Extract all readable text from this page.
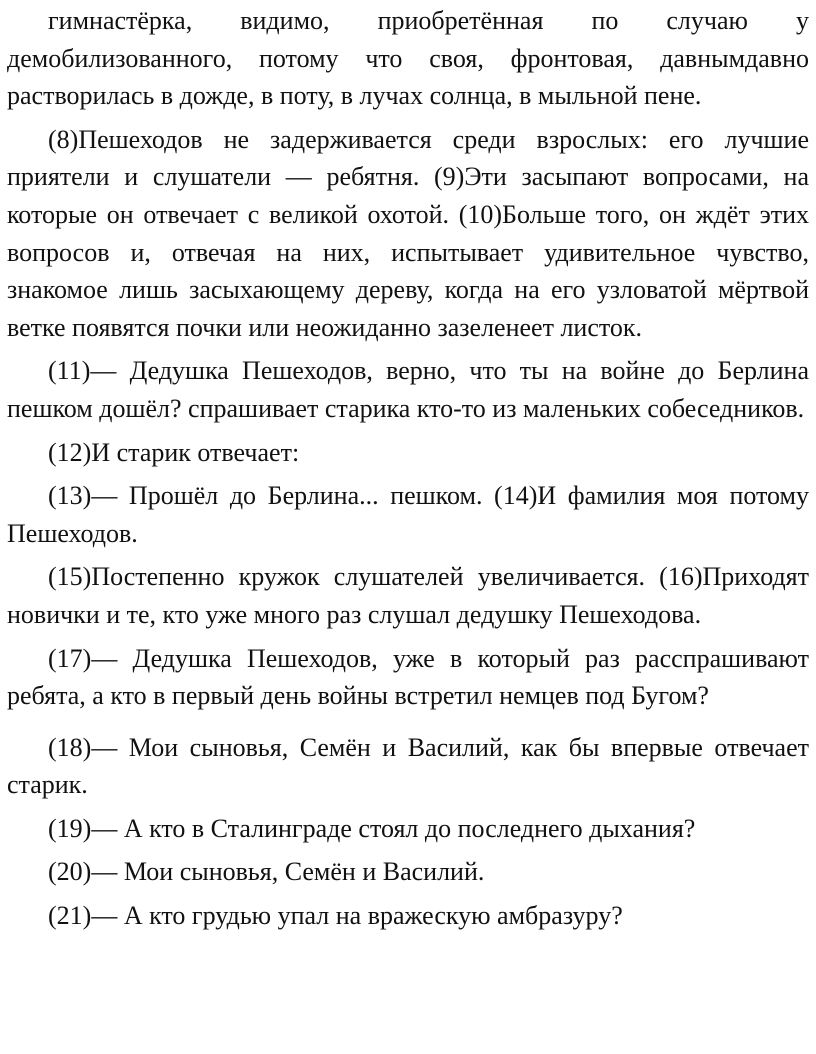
гимнастёрка, видимо, приобретённая по случаю у демобилизованного, потому что своя, фронтовая, давнымдавно растворилась в дожде, в поту, в лучах солнца, в мыльной пене.

(8)Пешеходов не задерживается среди взрослых: его лучшие приятели и слушатели — ребятня. (9)Эти засыпают вопросами, на которые он отвечает с великой охотой. (10)Больше того, он ждёт этих вопросов и, отвечая на них, испытывает удивительное чувство, знакомое лишь засыхающему дереву, когда на его узловатой мёртвой ветке появятся почки или неожиданно зазеленеет листок.

(11)— Дедушка Пешеходов, верно, что ты на войне до Берлина пешком дошёл? спрашивает старика кто-то из маленьких собеседников.

(12)И старик отвечает:

(13)— Прошёл до Берлина... пешком. (14)И фамилия моя потому Пешеходов.

(15)Постепенно кружок слушателей увеличивается. (16)Приходят новички и те, кто уже много раз слушал дедушку Пешеходова.

(17)— Дедушка Пешеходов, уже в который раз расспрашивают ребята, а кто в первый день войны встретил немцев под Бугом?

(18)— Мои сыновья, Семён и Василий, как бы впервые отвечает старик.

(19)— А кто в Сталинграде стоял до последнего дыхания?

(20)— Мои сыновья, Семён и Василий.

(21)— А кто грудью упал на вражескую амбразуру?
